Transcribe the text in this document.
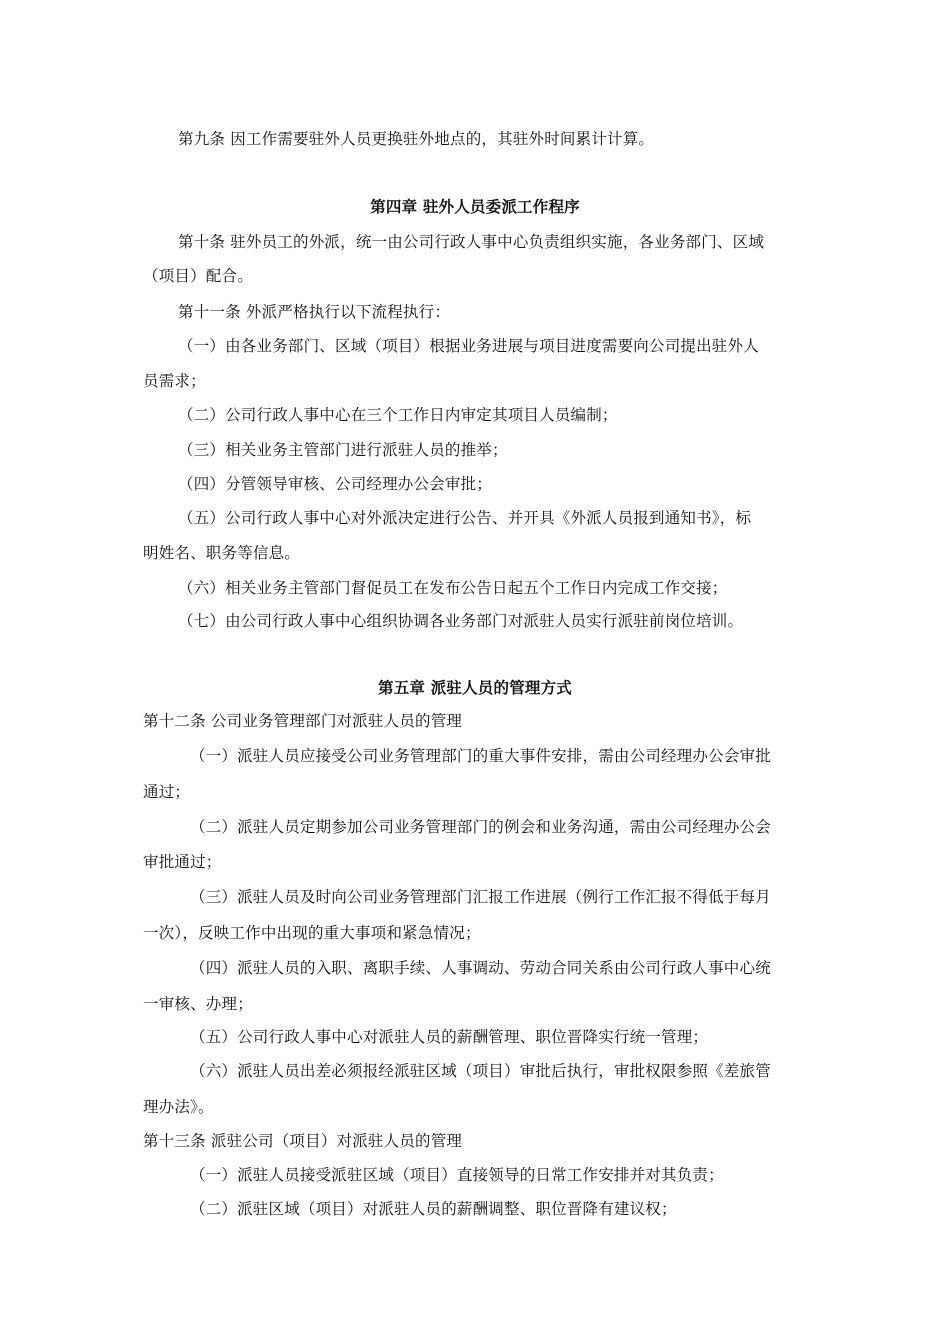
第九条 因工作需要驻外人员更换驻外地点的，其驻外时间累计计算。
第四章 驻外人员委派工作程序
第十条 驻外员工的外派，统一由公司行政人事中心负责组织实施，各业务部门、区域
（项目）配合。
第十一条 外派严格执行以下流程执行：
（一）由各业务部门、区域（项目）根据业务进展与项目进度需要向公司提出驻外人
员需求；
（二）公司行政人事中心在三个工作日内审定其项目人员编制；
（三）相关业务主管部门进行派驻人员的推举；
（四）分管领导审核、公司经理办公会审批；
（五）公司行政人事中心对外派决定进行公告、并开具《外派人员报到通知书》，标
明姓名、职务等信息。
（六）相关业务主管部门督促员工在发布公告日起五个工作日内完成工作交接；
（七）由公司行政人事中心组织协调各业务部门对派驻人员实行派驻前岗位培训。
第五章 派驻人员的管理方式
第十二条 公司业务管理部门对派驻人员的管理
（一）派驻人员应接受公司业务管理部门的重大事件安排，需由公司经理办公会审批
通过；
（二）派驻人员定期参加公司业务管理部门的例会和业务沟通，需由公司经理办公会
审批通过；
（三）派驻人员及时向公司业务管理部门汇报工作进展（例行工作汇报不得低于每月
一次），反映工作中出现的重大事项和紧急情况；
（四）派驻人员的入职、离职手续、人事调动、劳动合同关系由公司行政人事中心统
一审核、办理；
（五）公司行政人事中心对派驻人员的薪酬管理、职位晋降实行统一管理；
（六）派驻人员出差必须报经派驻区域（项目）审批后执行，审批权限参照《差旅管
理办法》。
第十三条 派驻公司（项目）对派驻人员的管理
（一）派驻人员接受派驻区域（项目）直接领导的日常工作安排并对其负责；
（二）派驻区域（项目）对派驻人员的薪酬调整、职位晋降有建议权；
